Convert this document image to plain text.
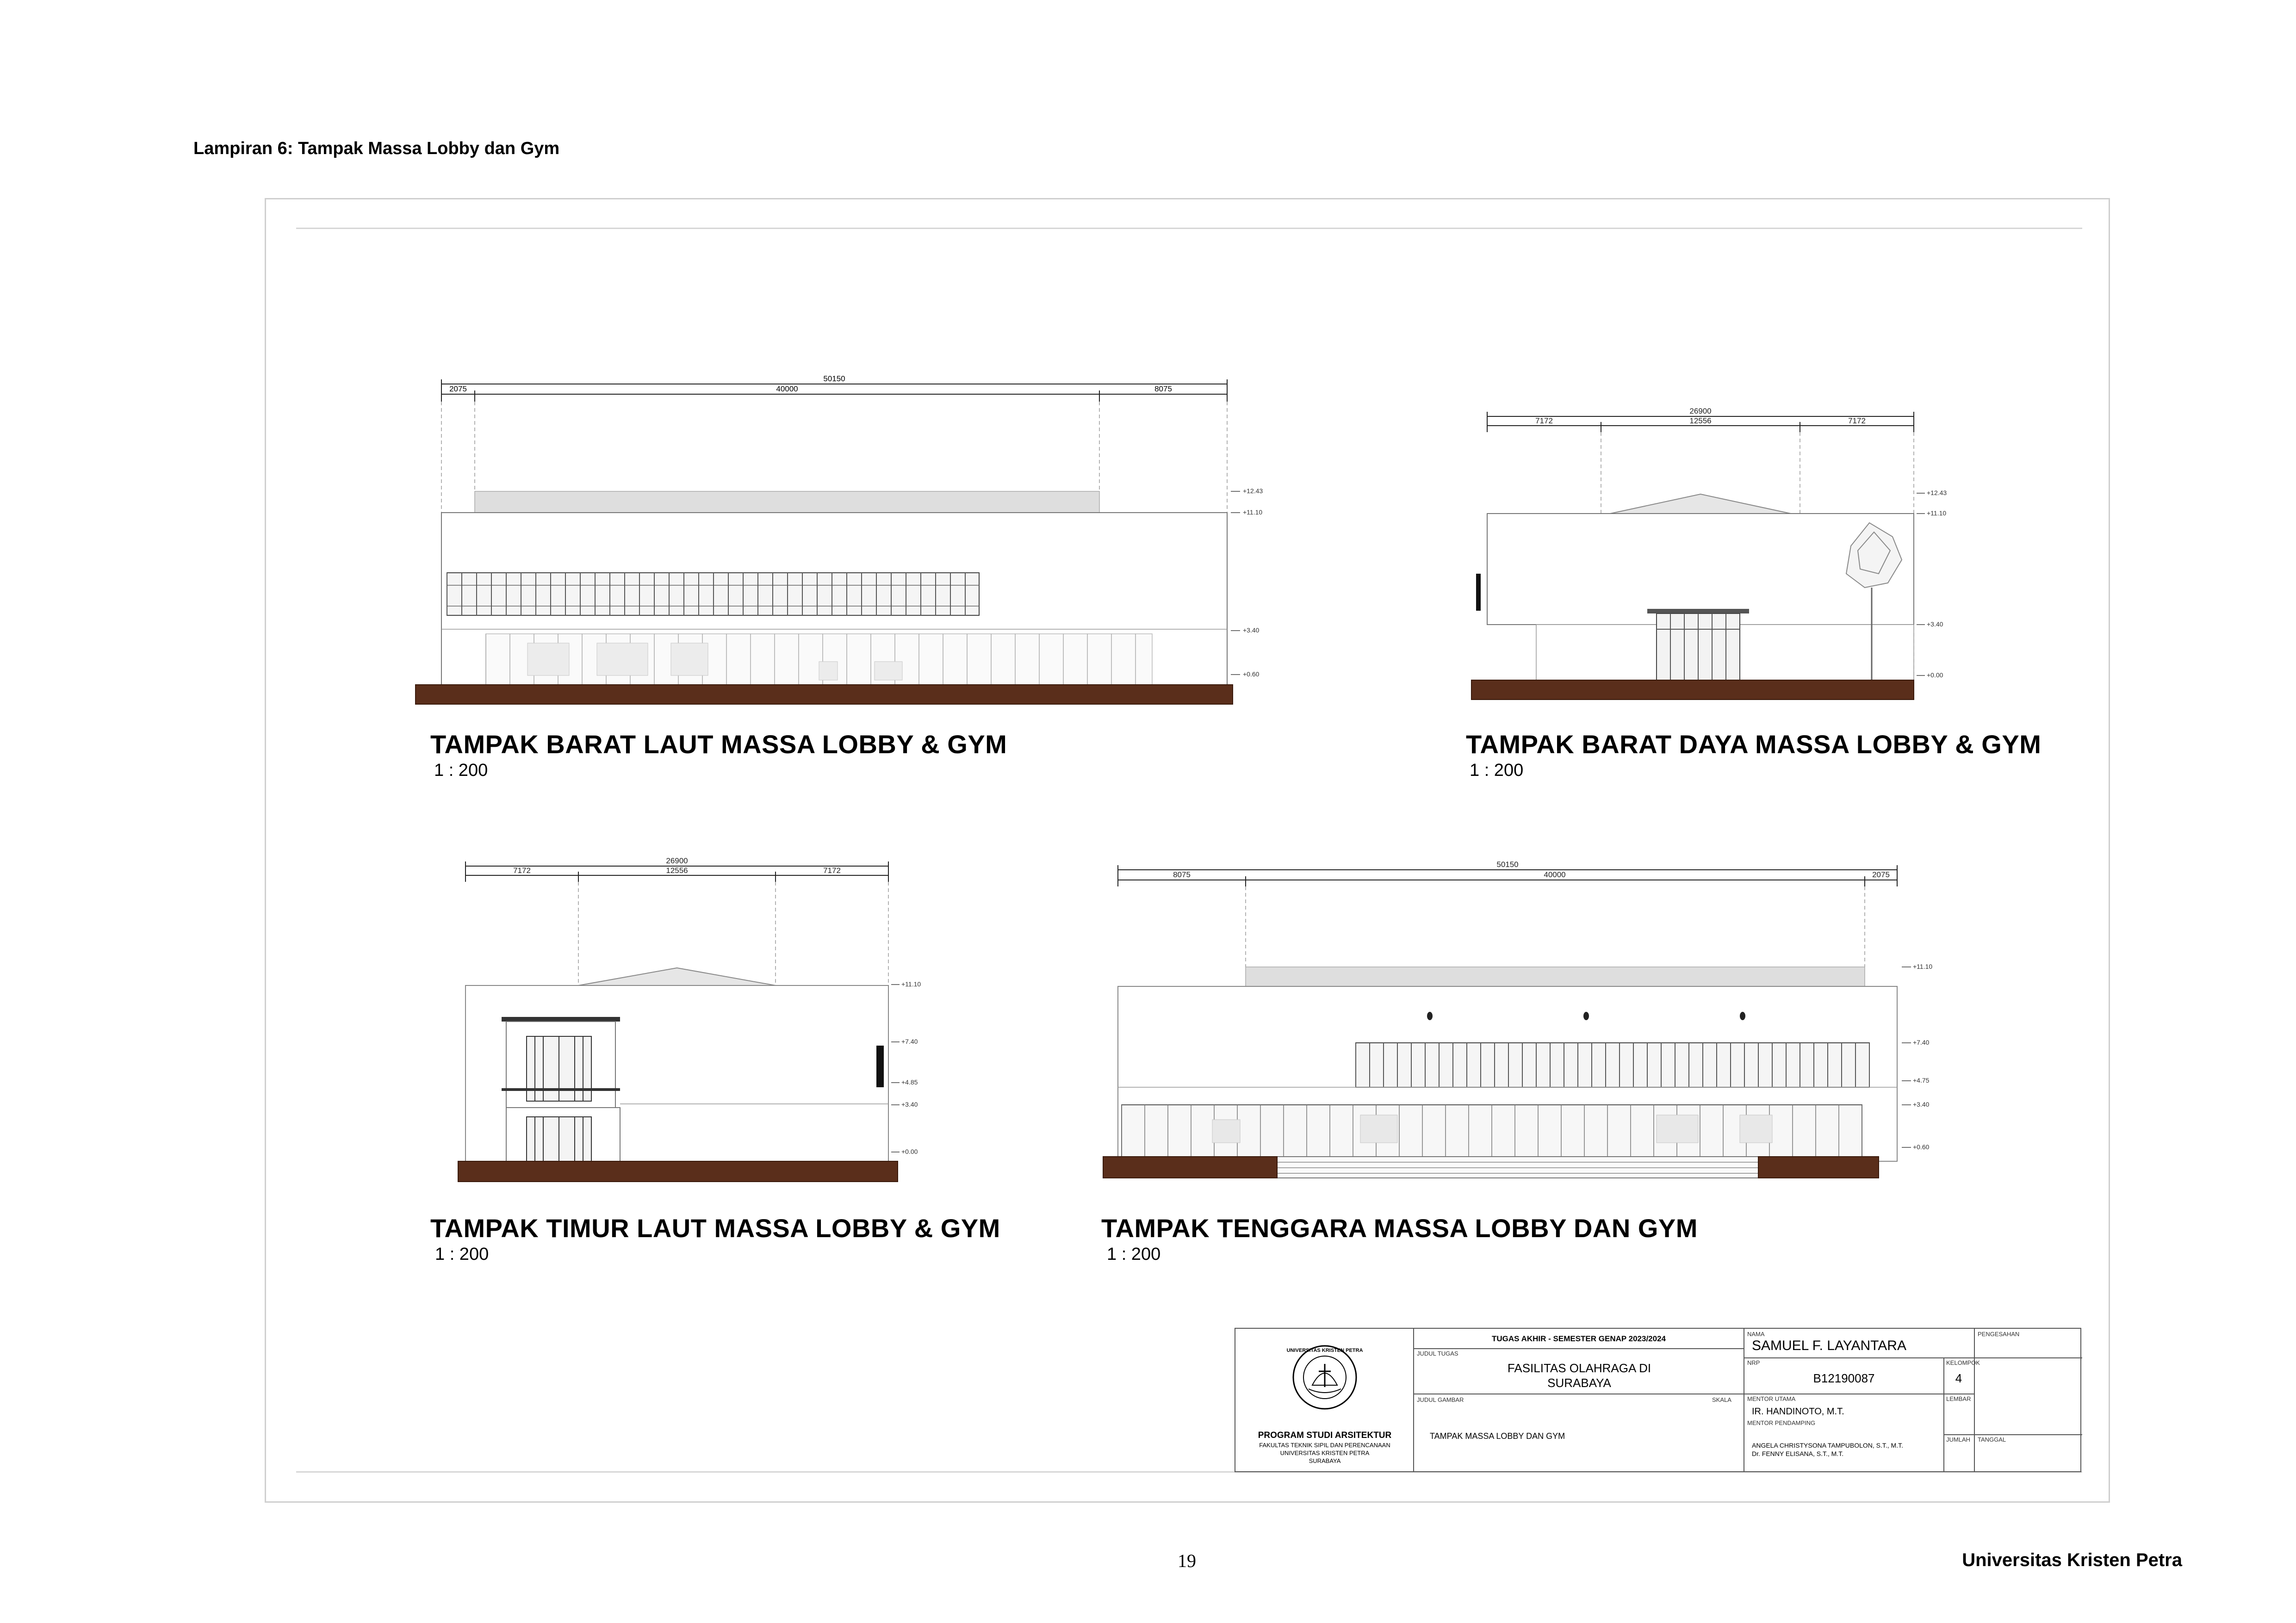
Lampiran 6: Tampak Massa Lobby dan Gym
50150
2075	40000	8075
+12.43
+11.10
+3.40
+0.60
TAMPAK BARAT LAUT MASSA LOBBY & GYM
1 : 200
26900
7172	12556	7172
+12.43
+11.10
+3.40
+0.00
TAMPAK BARAT DAYA MASSA LOBBY & GYM
1 : 200
26900
7172	12556	7172
+11.10
+7.40
+4.85
+3.40
+0.00
TAMPAK TIMUR LAUT MASSA LOBBY & GYM
1 : 200
50150
8075	40000	2075
+11.10
+7.40
+4.75
+3.40
+0.60
TAMPAK TENGGARA MASSA LOBBY DAN GYM
1 : 200
UNIVERSITAS KRISTEN PETRA
PROGRAM STUDI ARSITEKTUR
FAKULTAS TEKNIK SIPIL DAN PERENCANAAN
UNIVERSITAS KRISTEN PETRA
SURABAYA
TUGAS AKHIR - SEMESTER GENAP 2023/2024
JUDUL TUGAS
FASILITAS OLAHRAGA DI
SURABAYA
JUDUL GAMBAR	SKALA
TAMPAK MASSA LOBBY DAN GYM
NAMA
SAMUEL F. LAYANTARA
NRP
B12190087
KELOMPOK
4
MENTOR UTAMA
IR. HANDINOTO, M.T.
LEMBAR
MENTOR PENDAMPING
ANGELA CHRISTYSONA TAMPUBOLON, S.T., M.T.
Dr. FENNY ELISANA, S.T., M.T.
JUMLAH
PENGESAHAN
TANGGAL
19	Universitas Kristen Petra
